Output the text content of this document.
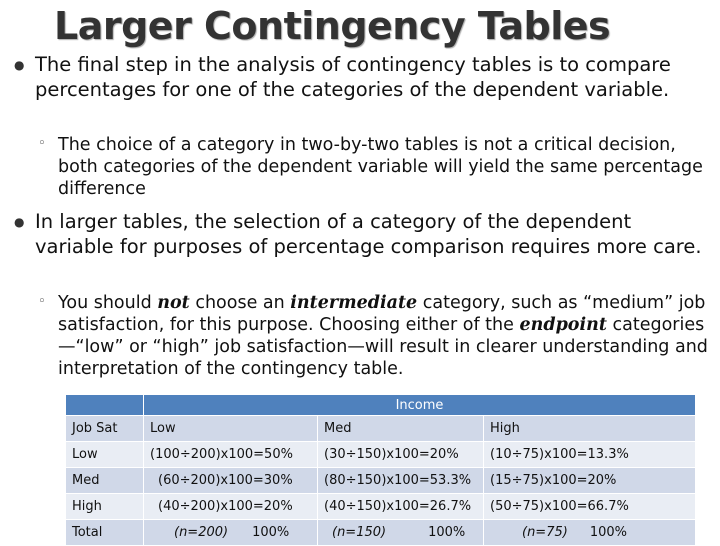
Larger Contingency Tables
● The final step in the analysis of contingency tables is to compare percentages for one of the categories of the dependent variable.
◦ The choice of a category in two-by-two tables is not a critical decision, both categories of the dependent variable will yield the same percentage difference
● In larger tables, the selection of a category of the dependent variable for purposes of percentage comparison requires more care.
◦ You should not choose an intermediate category, such as “medium” job satisfaction, for this purpose. Choosing either of the endpoint categories—“low” or “high” job satisfaction—will result in clearer understanding and interpretation of the contingency table.
	Income		
Job Sat	Low	Med	High
Low	(100÷200)x100=50%	(30÷150)x100=20%	(10÷75)x100=13.3%
Med	(60÷200)x100=30%	(80÷150)x100=53.3%	(15÷75)x100=20%
High	(40÷200)x100=20%	(40÷150)x100=26.7%	(50÷75)x100=66.7%
Total	(n=200) 100%	(n=150) 100%	(n=75) 100%
